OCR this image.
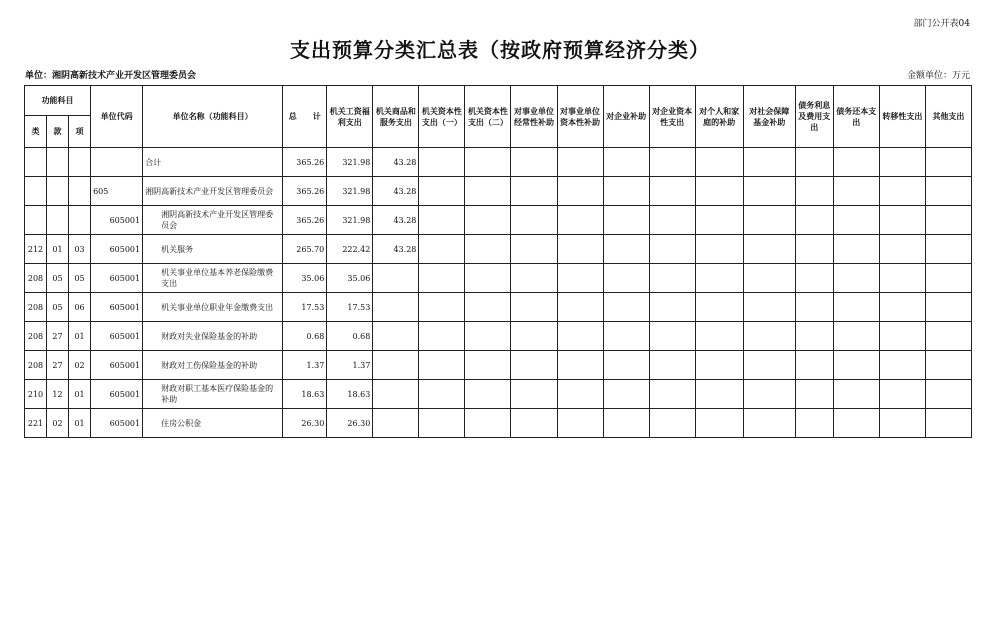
部门公开表04
支出预算分类汇总表（按政府预算经济分类）
单位：湘阴高新技术产业开发区管理委员会	金额单位：万元
功能科目			单位代码	单位名称（功能科目）	总　　计	机关工资福利支出	机关商品和服务支出	机关资本性支出（一）	机关资本性支出（二）	对事业单位经常性补助	对事业单位资本性补助	对企业补助	对企业资本性支出	对个人和家庭的补助	对社会保障基金补助	债务利息及费用支出	债务还本支出	转移性支出	其他支出
类	款	项																	
				合计	365.26	321.98	43.28												
			605	湘阴高新技术产业开发区管理委员会	365.26	321.98	43.28												
			605001	湘阴高新技术产业开发区管理委员会	365.26	321.98	43.28												
212	01	03	605001	机关服务	265.70	222.42	43.28												
208	05	05	605001	机关事业单位基本养老保险缴费支出	35.06	35.06													
208	05	06	605001	机关事业单位职业年金缴费支出	17.53	17.53													
208	27	01	605001	财政对失业保险基金的补助	0.68	0.68													
208	27	02	605001	财政对工伤保险基金的补助	1.37	1.37													
210	12	01	605001	财政对职工基本医疗保险基金的补助	18.63	18.63													
221	02	01	605001	住房公积金	26.30	26.30													
